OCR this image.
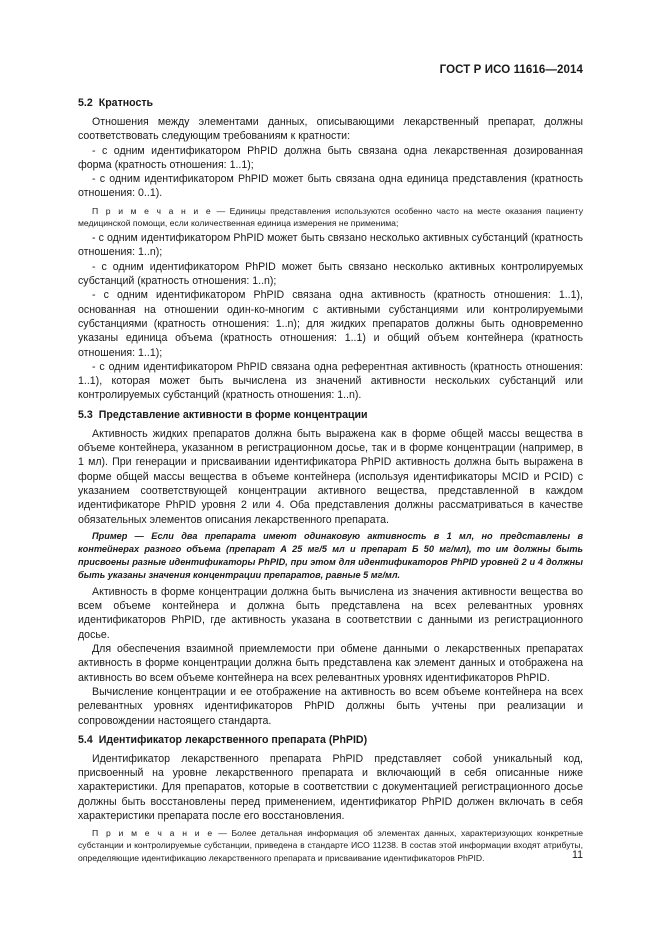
ГОСТ Р ИСО 11616—2014
5.2 Кратность

Отношения между элементами данных, описывающими лекарственный препарат, должны соответствовать следующим требованиям к кратности:

- с одним идентификатором PhPID должна быть связана одна лекарственная дозированная форма (кратность отношения: 1..1);

- с одним идентификатором PhPID может быть связана одна единица представления (кратность отношения: 0..1).

П р и м е ч а н и е — Единицы представления используются особенно часто на месте оказания пациенту медицинской помощи, если количественная единица измерения не применима;

- с одним идентификатором PhPID может быть связано несколько активных субстанций (кратность отношения: 1..n);

- с одним идентификатором PhPID может быть связано несколько активных контролируемых субстанций (кратность отношения: 1..n);

- с одним идентификатором PhPID связана одна активность (кратность отношения: 1..1), основанная на отношении один-ко-многим с активными субстанциями или контролируемыми субстанциями (кратность отношения: 1..n); для жидких препаратов должны быть одновременно указаны единица объема (кратность отношения: 1..1) и общий объем контейнера (кратность отношения: 1..1);

- с одним идентификатором PhPID связана одна референтная активность (кратность отношения: 1..1), которая может быть вычислена из значений активности нескольких субстанций или контролируемых субстанций (кратность отношения: 1..n).

5.3 Представление активности в форме концентрации

Активность жидких препаратов должна быть выражена как в форме общей массы вещества в объеме контейнера, указанном в регистрационном досье, так и в форме концентрации (например, в 1 мл). При генерации и присваивании идентификатора PhPID активность должна быть выражена в форме общей массы вещества в объеме контейнера (используя идентификаторы MCID и PCID) с указанием соответствующей концентрации активного вещества, представленной в каждом идентификаторе PhPID уровня 2 или 4. Оба представления должны рассматриваться в качестве обязательных элементов описания лекарственного препарата.

Пример — Если два препарата имеют одинаковую активность в 1 мл, но представлены в контейнерах разного объема (препарат А 25 мг/5 мл и препарат Б 50 мг/мл), то им должны быть присвоены разные идентификаторы PhPID, при этом для идентификаторов PhPID уровней 2 и 4 должны быть указаны значения концентрации препаратов, равные 5 мг/мл.

Активность в форме концентрации должна быть вычислена из значения активности вещества во всем объеме контейнера и должна быть представлена на всех релевантных уровнях идентификаторов PhPID, где активность указана в соответствии с данными из регистрационного досье.

Для обеспечения взаимной приемлемости при обмене данными о лекарственных препаратах активность в форме концентрации должна быть представлена как элемент данных и отображена на активность во всем объеме контейнера на всех релевантных уровнях идентификаторов PhPID.

Вычисление концентрации и ее отображение на активность во всем объеме контейнера на всех релевантных уровнях идентификаторов PhPID должны быть учтены при реализации и сопровождении настоящего стандарта.

5.4 Идентификатор лекарственного препарата (PhPID)

Идентификатор лекарственного препарата PhPID представляет собой уникальный код, присвоенный на уровне лекарственного препарата и включающий в себя описанные ниже характеристики. Для препаратов, которые в соответствии с документацией регистрационного досье должны быть восстановлены перед применением, идентификатор PhPID должен включать в себя характеристики препарата после его восстановления.

П р и м е ч а н и е — Более детальная информация об элементах данных, характеризующих конкретные субстанции и контролируемые субстанции, приведена в стандарте ИСО 11238. В состав этой информации входят атрибуты, определяющие идентификацию лекарственного препарата и присваивание идентификаторов PhPID.	11
